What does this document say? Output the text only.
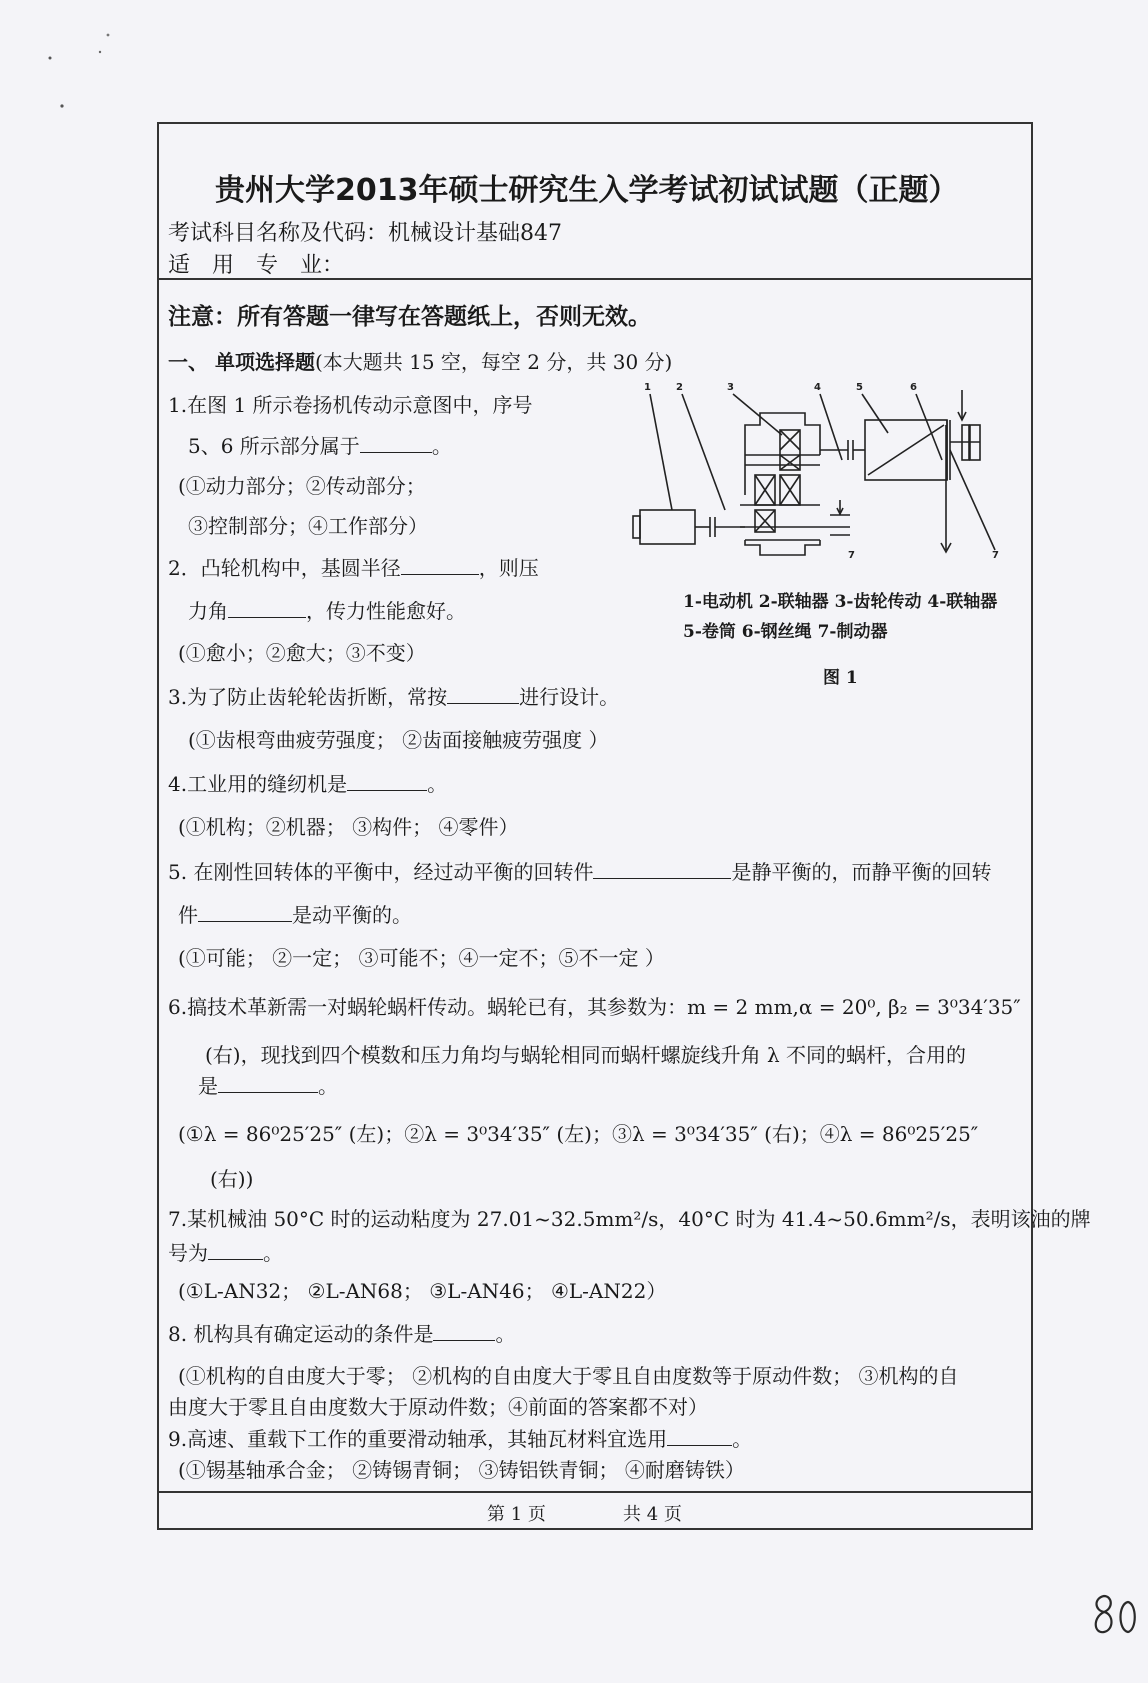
贵州大学2013年硕士研究生入学考试初试试题（正题）
考试科目名称及代码：机械设计基础847
适　用　专　业：
注意：所有答题一律写在答题纸上，否则无效。
一、 单项选择题(本大题共 15 空，每空 2 分，共 30 分)
1.在图 1 所示卷扬机传动示意图中，序号
5、6 所示部分属于	。
(①动力部分；②传动部分；
③控制部分；④工作部分）
2．凸轮机构中，基圆半径	，则压
力角	，传力性能愈好。
(①愈小；②愈大；③不变）
3.为了防止齿轮轮齿折断，常按	进行设计。
(①齿根弯曲疲劳强度； ②齿面接触疲劳强度 ）
4.工业用的缝纫机是	。
(①机构；②机器； ③构件； ④零件）
5. 在刚性回转体的平衡中，经过动平衡的回转件	是静平衡的，而静平衡的回转
件	是动平衡的。
(①可能； ②一定； ③可能不；④一定不；⑤不一定 ）
6.搞技术革新需一对蜗轮蜗杆传动。蜗轮已有，其参数为：m = 2 mm,α = 20⁰, β₂ = 3⁰34′35″
(右)，现找到四个模数和压力角均与蜗轮相同而蜗杆螺旋线升角 λ 不同的蜗杆，合用的
是	。
(①λ = 86⁰25′25″ (左)；②λ = 3⁰34′35″ (左)；③λ = 3⁰34′35″ (右)；④λ = 86⁰25′25″
(右))
7.某机械油 50°C 时的运动粘度为 27.01~32.5mm²/s，40°C 时为 41.4~50.6mm²/s，表明该油的牌
号为	。
(①L-AN32； ②L-AN68； ③L-AN46； ④L-AN22）
8. 机构具有确定运动的条件是	。
(①机构的自由度大于零； ②机构的自由度大于零且自由度数等于原动件数； ③机构的自
由度大于零且自由度数大于原动件数；④前面的答案都不对）
9.高速、重载下工作的重要滑动轴承，其轴瓦材料宜选用	。
(①锡基轴承合金； ②铸锡青铜； ③铸铝铁青铜； ④耐磨铸铁）
1	2	3	4	5	6
7	7
1-电动机 2-联轴器 3-齿轮传动 4-联轴器
5-卷筒 6-钢丝绳 7-制动器
图 1
第 1 页	共 4 页
